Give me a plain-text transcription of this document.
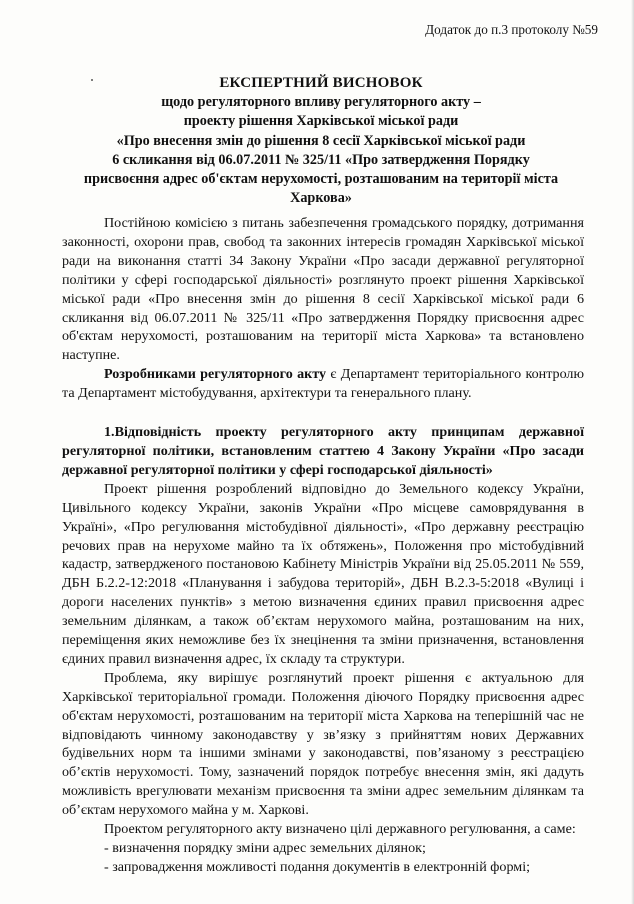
Додаток до п.3 протоколу №59
ЕКСПЕРТНИЙ ВИСНОВОК
щодо регуляторного впливу регуляторного акту –
проекту рішення Харківської міської ради
«Про внесення змін до рішення 8 сесії Харківської міської ради
6 скликання від 06.07.2011 № 325/11 «Про затвердження Порядку
присвоєння адрес об'єктам нерухомості, розташованим на території міста
Харкова»

Постійною комісією з питань забезпечення громадського порядку, дотримання законності, охорони прав, свобод та законних інтересів громадян Харківської міської ради на виконання статті 34 Закону України «Про засади державної регуляторної політики у сфері господарської діяльності» розглянуто проект рішення Харківської міської ради «Про внесення змін до рішення 8 сесії Харківської міської ради 6 скликання від 06.07.2011 № 325/11 «Про затвердження Порядку присвоєння адрес об'єктам нерухомості, розташованим на території міста Харкова» та встановлено наступне.

Розробниками регуляторного акту є Департамент територіального контролю та Департамент містобудування, архітектури та генерального плану.

1.Відповідність проекту регуляторного акту принципам державної регуляторної політики, встановленим статтею 4 Закону України «Про засади державної регуляторної політики у сфері господарської діяльності»

Проект рішення розроблений відповідно до Земельного кодексу України, Цивільного кодексу України, законів України «Про місцеве самоврядування в Україні», «Про регулювання містобудівної діяльності», «Про державну реєстрацію речових прав на нерухоме майно та їх обтяжень», Положення про містобудівний кадастр, затвердженого постановою Кабінету Міністрів України від 25.05.2011 № 559, ДБН Б.2.2-12:2018 «Планування і забудова територій», ДБН В.2.3-5:2018 «Вулиці і дороги населених пунктів» з метою визначення єдиних правил присвоєння адрес земельним ділянкам, а також об’єктам нерухомого майна, розташованим на них, переміщення яких неможливе без їх знецінення та зміни призначення, встановлення єдиних правил визначення адрес, їх складу та структури.

Проблема, яку вирішує розглянутий проект рішення є актуальною для Харківської територіальної громади. Положення діючого Порядку присвоєння адрес об'єктам нерухомості, розташованим на території міста Харкова на теперішній час не відповідають чинному законодавству у зв’язку з прийняттям нових Державних будівельних норм та іншими змінами у законодавстві, пов’язаному з реєстрацією об’єктів нерухомості. Тому, зазначений порядок потребує внесення змін, які дадуть можливість врегулювати механізм присвоєння та зміни адрес земельним ділянкам та об’єктам нерухомого майна у м. Харкові.

Проектом регуляторного акту визначено цілі державного регулювання, а саме:

- визначення порядку зміни адрес земельних ділянок;

- запровадження можливості подання документів в електронній формі;
